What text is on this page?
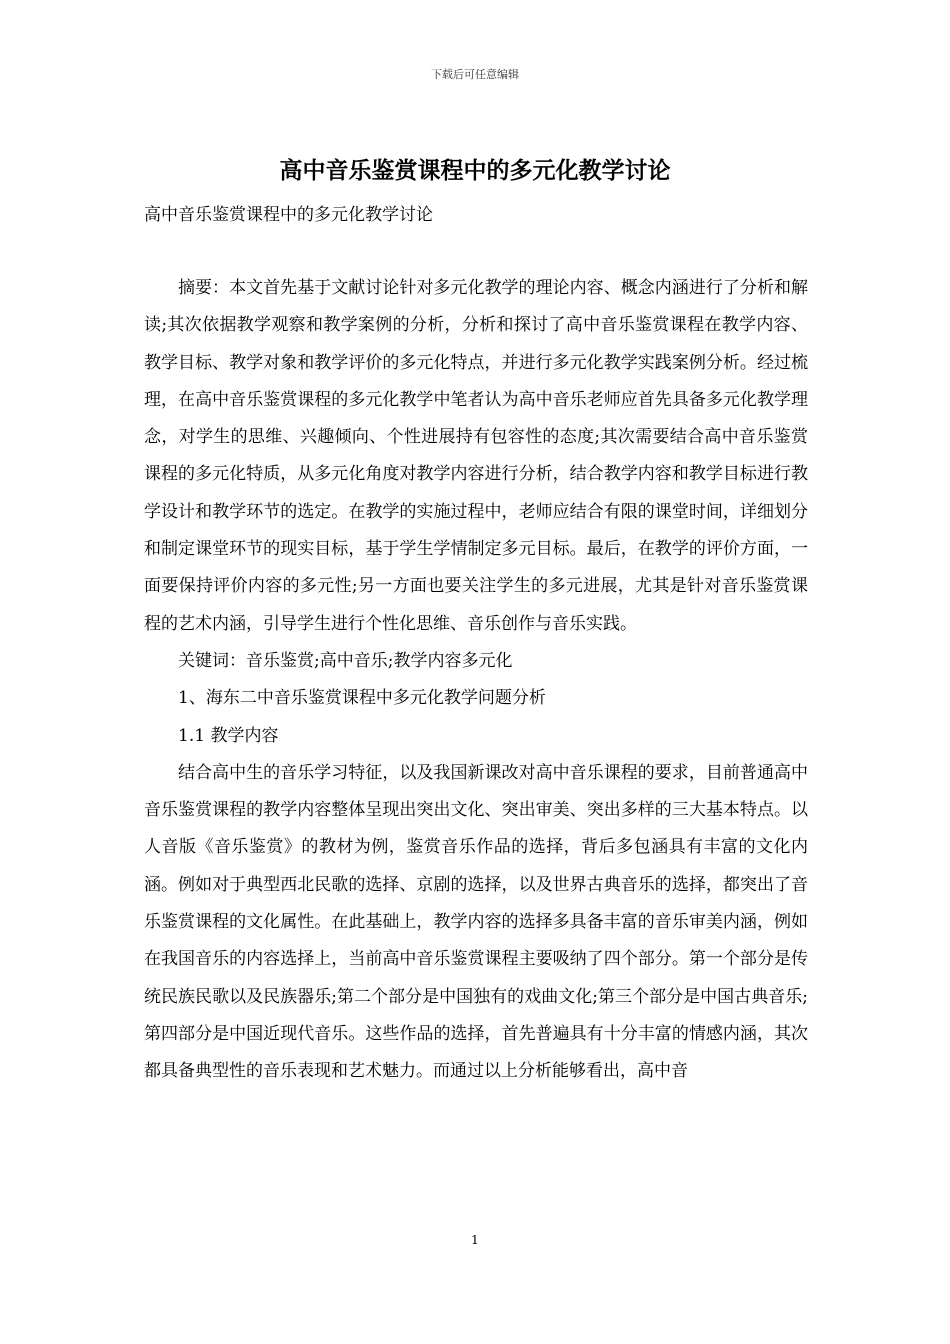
下载后可任意编辑
高中音乐鉴赏课程中的多元化教学讨论
高中音乐鉴赏课程中的多元化教学讨论

摘要：本文首先基于文献讨论针对多元化教学的理论内容、概念内涵进行了分析和解读;其次依据教学观察和教学案例的分析，分析和探讨了高中音乐鉴赏课程在教学内容、教学目标、教学对象和教学评价的多元化特点，并进行多元化教学实践案例分析。经过梳理，在高中音乐鉴赏课程的多元化教学中笔者认为高中音乐老师应首先具备多元化教学理念，对学生的思维、兴趣倾向、个性进展持有包容性的态度;其次需要结合高中音乐鉴赏课程的多元化特质，从多元化角度对教学内容进行分析，结合教学内容和教学目标进行教学设计和教学环节的选定。在教学的实施过程中，老师应结合有限的课堂时间，详细划分和制定课堂环节的现实目标，基于学生学情制定多元目标。最后，在教学的评价方面，一面要保持评价内容的多元性;另一方面也要关注学生的多元进展，尤其是针对音乐鉴赏课程的艺术内涵，引导学生进行个性化思维、音乐创作与音乐实践。

关键词：音乐鉴赏;高中音乐;教学内容多元化

1、海东二中音乐鉴赏课程中多元化教学问题分析

1.1 教学内容

结合高中生的音乐学习特征，以及我国新课改对高中音乐课程的要求，目前普通高中音乐鉴赏课程的教学内容整体呈现出突出文化、突出审美、突出多样的三大基本特点。以人音版《音乐鉴赏》的教材为例，鉴赏音乐作品的选择，背后多包涵具有丰富的文化内涵。例如对于典型西北民歌的选择、京剧的选择，以及世界古典音乐的选择，都突出了音乐鉴赏课程的文化属性。在此基础上，教学内容的选择多具备丰富的音乐审美内涵，例如在我国音乐的内容选择上，当前高中音乐鉴赏课程主要吸纳了四个部分。第一个部分是传统民族民歌以及民族器乐;第二个部分是中国独有的戏曲文化;第三个部分是中国古典音乐;第四部分是中国近现代音乐。这些作品的选择，首先普遍具有十分丰富的情感内涵，其次都具备典型性的音乐表现和艺术魅力。而通过以上分析能够看出，高中音

1
